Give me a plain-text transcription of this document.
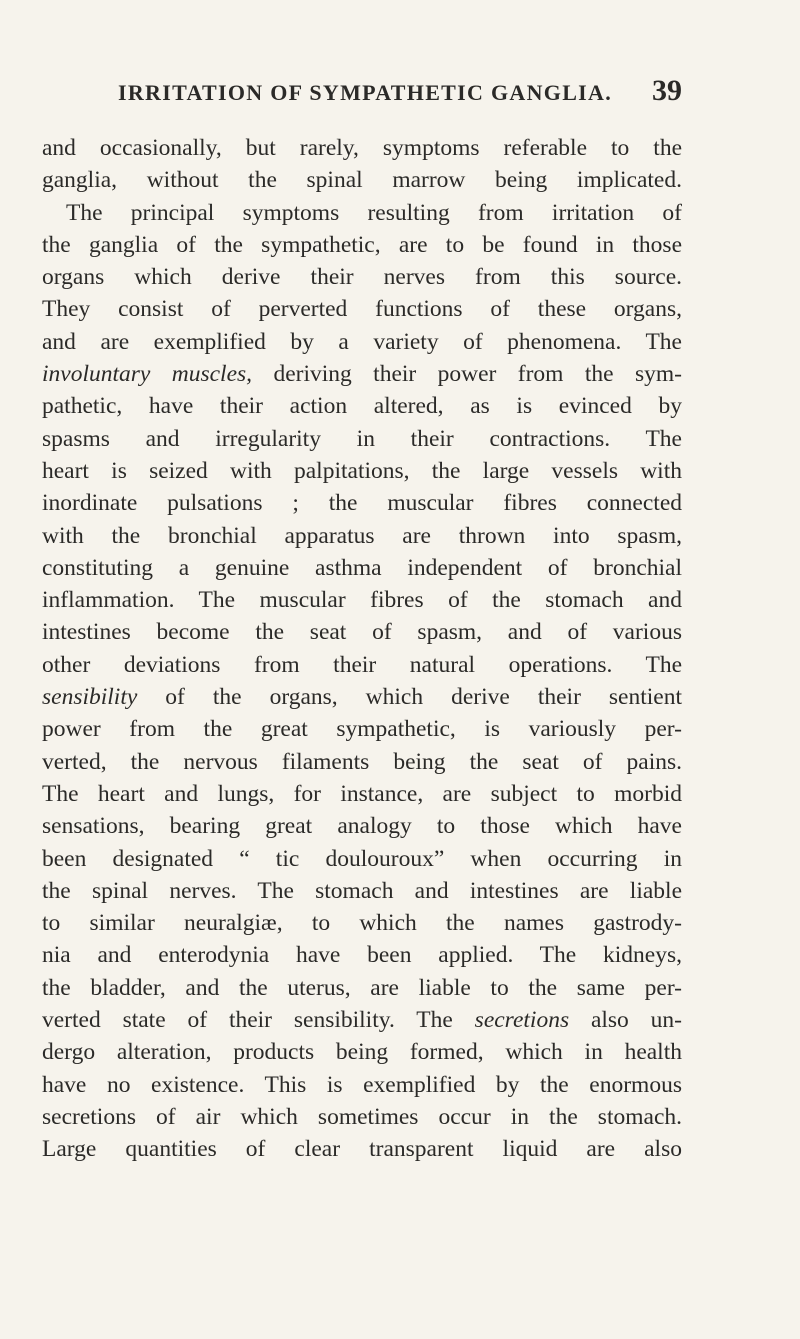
IRRITATION OF SYMPATHETIC GANGLIA. 39
and occasionally, but rarely, symptoms referable to the
ganglia, without the spinal marrow being implicated.
The principal symptoms resulting from irritation of
the ganglia of the sympathetic, are to be found in those
organs which derive their nerves from this source.
They consist of perverted functions of these organs,
and are exemplified by a variety of phenomena. The
involuntary muscles, deriving their power from the sym-
pathetic, have their action altered, as is evinced by
spasms and irregularity in their contractions. The
heart is seized with palpitations, the large vessels with
inordinate pulsations ; the muscular fibres connected
with the bronchial apparatus are thrown into spasm,
constituting a genuine asthma independent of bronchial
inflammation. The muscular fibres of the stomach and
intestines become the seat of spasm, and of various
other deviations from their natural operations. The
sensibility of the organs, which derive their sentient
power from the great sympathetic, is variously per-
verted, the nervous filaments being the seat of pains.
The heart and lungs, for instance, are subject to morbid
sensations, bearing great analogy to those which have
been designated “ tic doulouroux” when occurring in
the spinal nerves. The stomach and intestines are liable
to similar neuralgiæ, to which the names gastrody-
nia and enterodynia have been applied. The kidneys,
the bladder, and the uterus, are liable to the same per-
verted state of their sensibility. The secretions also un-
dergo alteration, products being formed, which in health
have no existence. This is exemplified by the enormous
secretions of air which sometimes occur in the stomach.
Large quantities of clear transparent liquid are also
